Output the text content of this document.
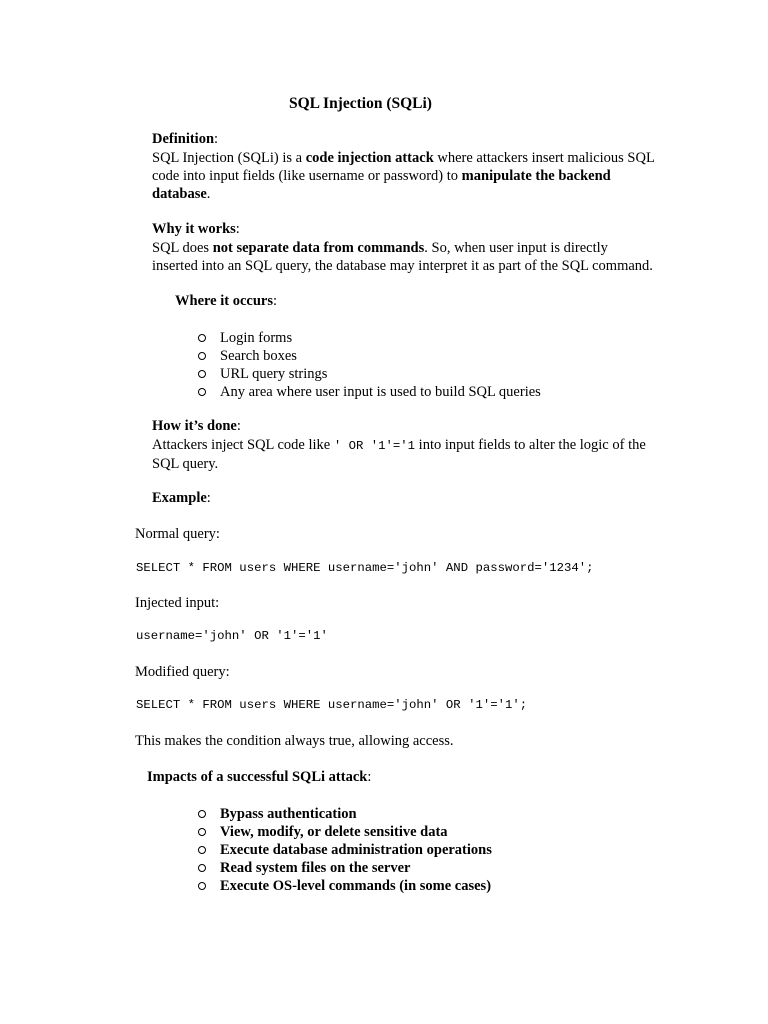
SQL Injection (SQLi)
Definition:
SQL Injection (SQLi) is a code injection attack where attackers insert malicious SQL
code into input fields (like username or password) to manipulate the backend
database.
Why it works:
SQL does not separate data from commands. So, when user input is directly
inserted into an SQL query, the database may interpret it as part of the SQL command.
Where it occurs:
Login forms
Search boxes
URL query strings
Any area where user input is used to build SQL queries
How it’s done:
Attackers inject SQL code like ' OR '1'='1 into input fields to alter the logic of the
SQL query.
Example:
Normal query:
SELECT * FROM users WHERE username='john' AND password='1234';
Injected input:
username='john' OR '1'='1'
Modified query:
SELECT * FROM users WHERE username='john' OR '1'='1';
This makes the condition always true, allowing access.
Impacts of a successful SQLi attack:
Bypass authentication
View, modify, or delete sensitive data
Execute database administration operations
Read system files on the server
Execute OS-level commands (in some cases)
